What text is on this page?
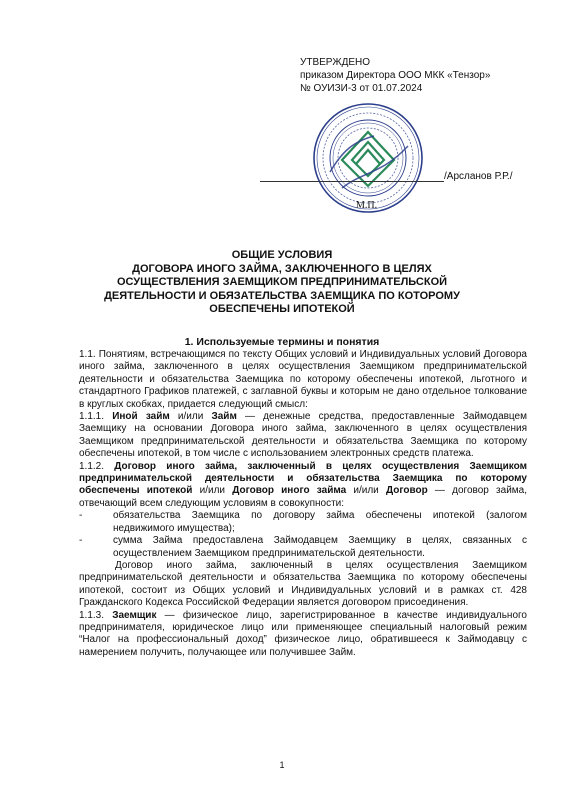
УТВЕРЖДЕНО
приказом Директора ООО МКК «Тензор»
№ ОУИЗИ-3 от 01.07.2024
/Арсланов Р.Р./
М.П.
ОБЩИЕ УСЛОВИЯ
ДОГОВОРА ИНОГО ЗАЙМА, ЗАКЛЮЧЕННОГО В ЦЕЛЯХ
ОСУЩЕСТВЛЕНИЯ ЗАЕМЩИКОМ ПРЕДПРИНИМАТЕЛЬСКОЙ
ДЕЯТЕЛЬНОСТИ И ОБЯЗАТЕЛЬСТВА ЗАЕМЩИКА ПО КОТОРОМУ
ОБЕСПЕЧЕНЫ ИПОТЕКОЙ
1. Используемые термины и понятия

1.1. Понятиям, встречающимся по тексту Общих условий и Индивидуальных условий Договора иного займа, заключенного в целях осуществления Заемщиком предпринимательской деятельности и обязательства Заемщика по которому обеспечены ипотекой, льготного и стандартного Графиков платежей, с заглавной буквы и которым не дано отдельное толкование в круглых скобках, придается следующий смысл:

1.1.1. Иной займ и/или Займ — денежные средства, предоставленные Займодавцем Заемщику на основании Договора иного займа, заключенного в целях осуществления Заемщиком предпринимательской деятельности и обязательства Заемщика по которому обеспечены ипотекой, в том числе с использованием электронных средств платежа.

1.1.2. Договор иного займа, заключенный в целях осуществления Заемщиком предпринимательской деятельности и обязательства Заемщика по которому обеспечены ипотекой и/или Договор иного займа и/или Договор — договор займа, отвечающий всем следующим условиям в совокупности:

-	обязательства Заемщика по договору займа обеспечены ипотекой (залогом недвижимого имущества);
-	сумма Займа предоставлена Займодавцем Заемщику в целях, связанных с осуществлением Заемщиком предпринимательской деятельности.

Договор иного займа, заключенный в целях осуществления Заемщиком предпринимательской деятельности и обязательства Заемщика по которому обеспечены ипотекой, состоит из Общих условий и Индивидуальных условий и в рамках ст. 428 Гражданского Кодекса Российской Федерации является договором присоединения.

1.1.3. Заемщик — физическое лицо, зарегистрированное в качестве индивидуального предпринимателя, юридическое лицо или применяющее специальный налоговый режим “Налог на профессиональный доход” физическое лицо, обратившееся к Займодавцу с намерением получить, получающее или получившее Займ.

1
